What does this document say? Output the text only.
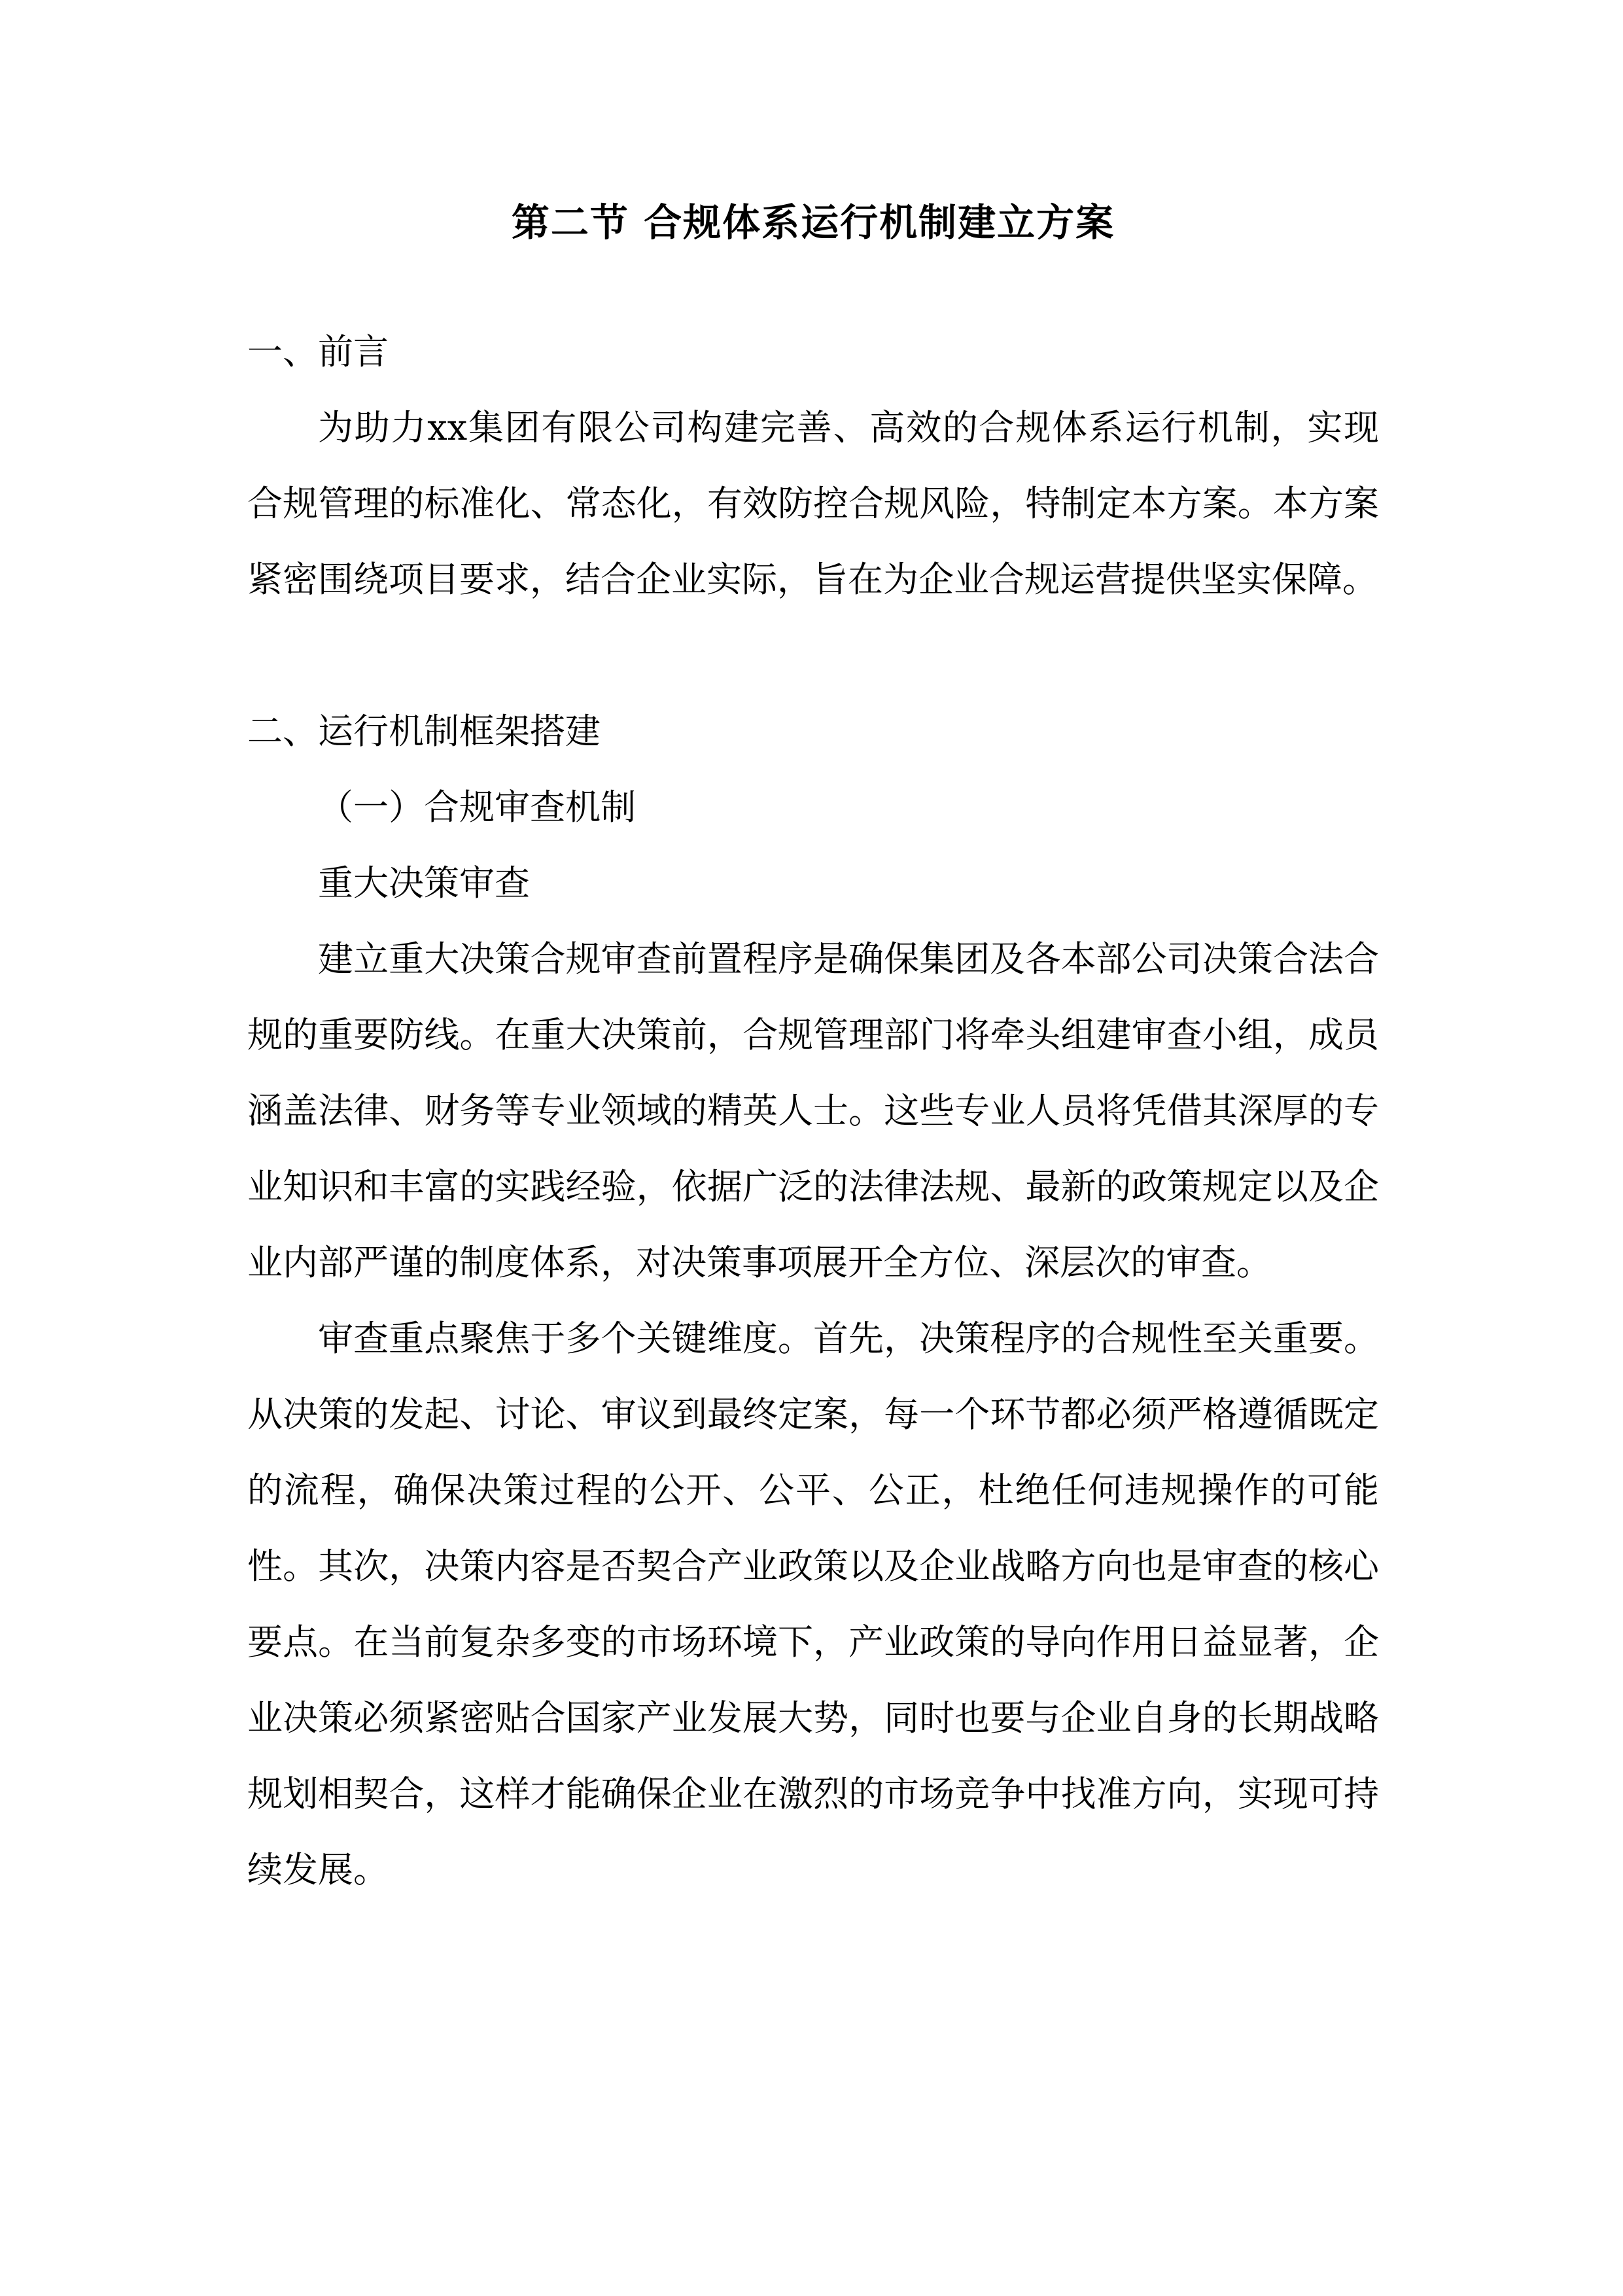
第二节 合规体系运行机制建立方案

一、前言

为助力xx集团有限公司构建完善、高效的合规体系运行机制，实现合规管理的标准化、常态化，有效防控合规风险，特制定本方案。本方案紧密围绕项目要求，结合企业实际，旨在为企业合规运营提供坚实保障。

二、运行机制框架搭建

（一）合规审查机制

重大决策审查

建立重大决策合规审查前置程序是确保集团及各本部公司决策合法合规的重要防线。在重大决策前，合规管理部门将牵头组建审查小组，成员涵盖法律、财务等专业领域的精英人士。这些专业人员将凭借其深厚的专业知识和丰富的实践经验，依据广泛的法律法规、最新的政策规定以及企业内部严谨的制度体系，对决策事项展开全方位、深层次的审查。

审查重点聚焦于多个关键维度。首先，决策程序的合规性至关重要。从决策的发起、讨论、审议到最终定案，每一个环节都必须严格遵循既定的流程，确保决策过程的公开、公平、公正，杜绝任何违规操作的可能性。其次，决策内容是否契合产业政策以及企业战略方向也是审查的核心要点。在当前复杂多变的市场环境下，产业政策的导向作用日益显著，企业决策必须紧密贴合国家产业发展大势，同时也要与企业自身的长期战略规划相契合，这样才能确保企业在激烈的市场竞争中找准方向，实现可持续发展。
